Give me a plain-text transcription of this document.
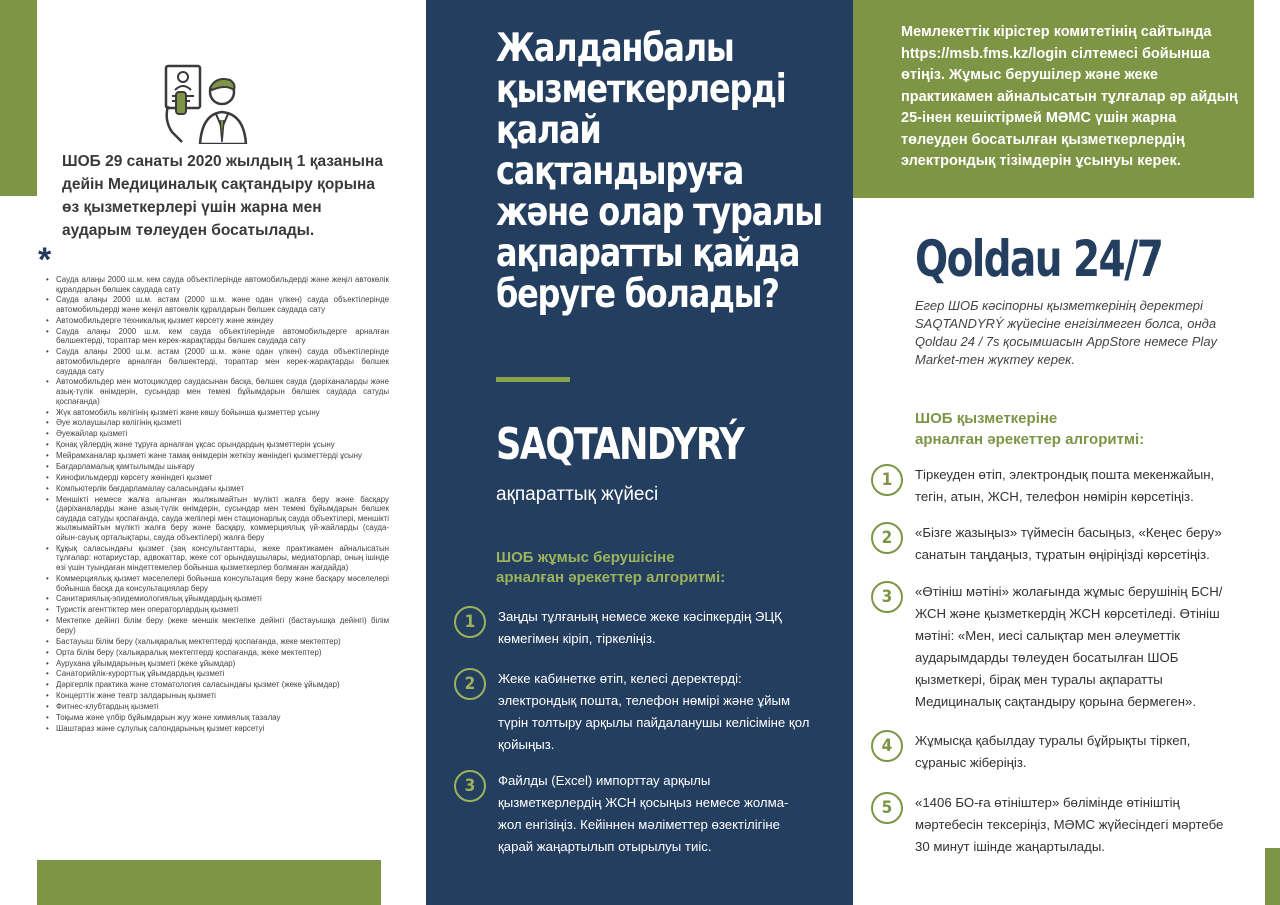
ШОБ 29 санаты 2020 жылдың 1 қазанына дейін Медициналық сақтандыру қорына өз қызметкерлері үшін жарна мен аударым төлеуден босатылады.
*
• Сауда алаңы 2000 ш.м. кем сауда объектілерінде автомобильдерді және жеңіл автокөлік құралдарын бөлшек саудада сату
• Сауда алаңы 2000 ш.м. астам (2000 ш.м. және одан үлкен) сауда объектілерінде автомобильдерді және жеңіл автокөлік құралдарын бөлшек саудада сату
• Автомобильдерге техникалық қызмет көрсету және жөндеу
• Сауда алаңы 2000 ш.м. кем сауда объектілерінде автомобильдерге арналған бөлшектерді, тораптар мен керек-жарақтарды бөлшек саудада сату
• Сауда алаңы 2000 ш.м. астам (2000 ш.м. және одан үлкен) сауда объектілерінде автомобильдерге арналған бөлшектерді, тораптар мен керек-жарақтарды бөлшек саудада сату
• Автомобильдер мен мотоциклдер саудасынан басқа, бөлшек сауда (дәріханаларды және азық-түлік өнімдерін, сусындар мен темекі бұйымдарын бөлшек саудада сатуды қоспағанда)
• Жүк автомобиль көлігінің қызметі және көшу бойынша қызметтер ұсыну
• Әуе жолаушылар көлігінің қызметі
• Әуежайлар қызметі
• Қонақ үйлердің және тұруға арналған ұқсас орындардың қызметтерін ұсыну
• Мейрамханалар қызметі және тамақ өнімдерін жеткізу жөніндегі қызметтерді ұсыну
• Бағдарламалық қамтылымды шығару
• Кинофильмдерді көрсету жөніндегі қызмет
• Компьютерлік бағдарламалау саласындағы қызмет
• Меншікті немесе жалға алынған жылжымайтын мүлікті жалға беру және басқару (дәріханаларды және азық-түлік өнімдерін, сусындар мен темекі бұйымдарын бөлшек саудада сатуды қоспағанда, сауда желілері мен стационарлық сауда объектілері, меншікті жылжымайтын мүлікті жалға беру және басқару, коммерциялық үй-жайларды (сауда-ойын-сауық орталықтары, сауда объектілері) жалға беру
• Құқық саласындағы қызмет (заң консультанттары, жеке практикамен айналысатын тұлғалар: нотариустар, адвокаттар, жеке сот орындаушылары, медиаторлар, оның ішінде өзі үшін туындаған міндеттемелер бойынша қызметкерлер болмаған жағдайда)
• Коммерциялық қызмет мәселелері бойынша консультация беру және басқару мәселелері бойынша басқа да консультациялар беру
• Санитариялық-эпидемиологиялық ұйымдардың қызметі
• Туристік агенттіктер мен операторлардың қызметі
• Мектепке дейінгі білім беру (жеке меншік мектепке дейінгі (бастауышқа дейінгі) білім беру)
• Бастауыш білім беру (халықаралық мектептерді қоспағанда, жеке мектептер)
• Орта білім беру (халықаралық мектептерді қоспағанда, жеке мектептер)
• Аурухана ұйымдарының қызметі (жеке ұйымдар)
• Санаторийлік-курорттық ұйымдардың қызметі
• Дәрігерлік практика және стоматология саласындағы қызмет (жеке ұйымдар)
• Концерттік және театр залдарының қызметі
• Фитнес-клубтардың қызметі
• Тоқыма және үлбір бұйымдарын жуу және химиялық тазалау
• Шаштараз және сұлулық салондарының қызмет көрсетуі
Жалданбалы қызметкерлерді қалай сақтандыруға және олар туралы ақпаратты қайда беруге болады?
SAQTANDYRÝ
ақпараттық жүйесі
ШОБ жұмыс берушісіне
арналған әрекеттер алгоритмі:
1	Заңды тұлғаның немесе жеке кәсіпкердің ЭЦҚ көмегімен кіріп, тіркеліңіз.
2	Жеке кабинетке өтіп, келесі деректерді: электрондық пошта, телефон нөмірі және ұйым түрін толтыру арқылы пайдаланушы келісіміне қол қойыңыз.
3	Файлды (Excel) импорттау арқылы қызметкерлердің ЖСН қосыңыз немесе жолма-жол енгізіңіз. Кейіннен мәліметтер өзектілігіне қарай жаңартылып отырылуы тиіс.
Мемлекеттік кірістер комитетінің сайтында https://msb.fms.kz/login сілтемесі бойынша өтіңіз. Жұмыс берушілер және жеке практикамен айналысатын тұлғалар әр айдың 25-інен кешіктірмей МӘМС үшін жарна төлеуден босатылған қызметкерлердің электрондық тізімдерін ұсынуы керек.
Qoldau 24/7
Егер ШОБ кәсіпорны қызметкерінің деректері SAQTANDYRÝ жүйесіне енгізілмеген болса, онда Qoldau 24 / 7s қосымшасын AppStore немесе Play Market-тен жүктеу керек.
ШОБ қызметкеріне
арналған әрекеттер алгоритмі:
1	Тіркеуден өтіп, электрондық пошта мекенжайын, тегін, атын, ЖСН, телефон нөмірін көрсетіңіз.
2	«Бізге жазыңыз» түймесін басыңыз, «Кеңес беру» санатын таңдаңыз, тұратын өңіріңізді көрсетіңіз.
3	«Өтініш мәтіні» жолағында жұмыс берушінің БСН/ЖСН және қызметкердің ЖСН көрсетіледі. Өтініш мәтіні: «Мен, иесі салықтар мен әлеуметтік аударымдарды төлеуден босатылған ШОБ қызметкері, бірақ мен туралы ақпаратты Медициналық сақтандыру қорына бермеген».
4	Жұмысқа қабылдау туралы бұйрықты тіркеп, сұраныс жіберіңіз.
5	«1406 БО-ға өтініштер» бөлімінде өтініштің мәртебесін тексеріңіз, МӘМС жүйесіндегі мәртебе 30 минут ішінде жаңартылады.
